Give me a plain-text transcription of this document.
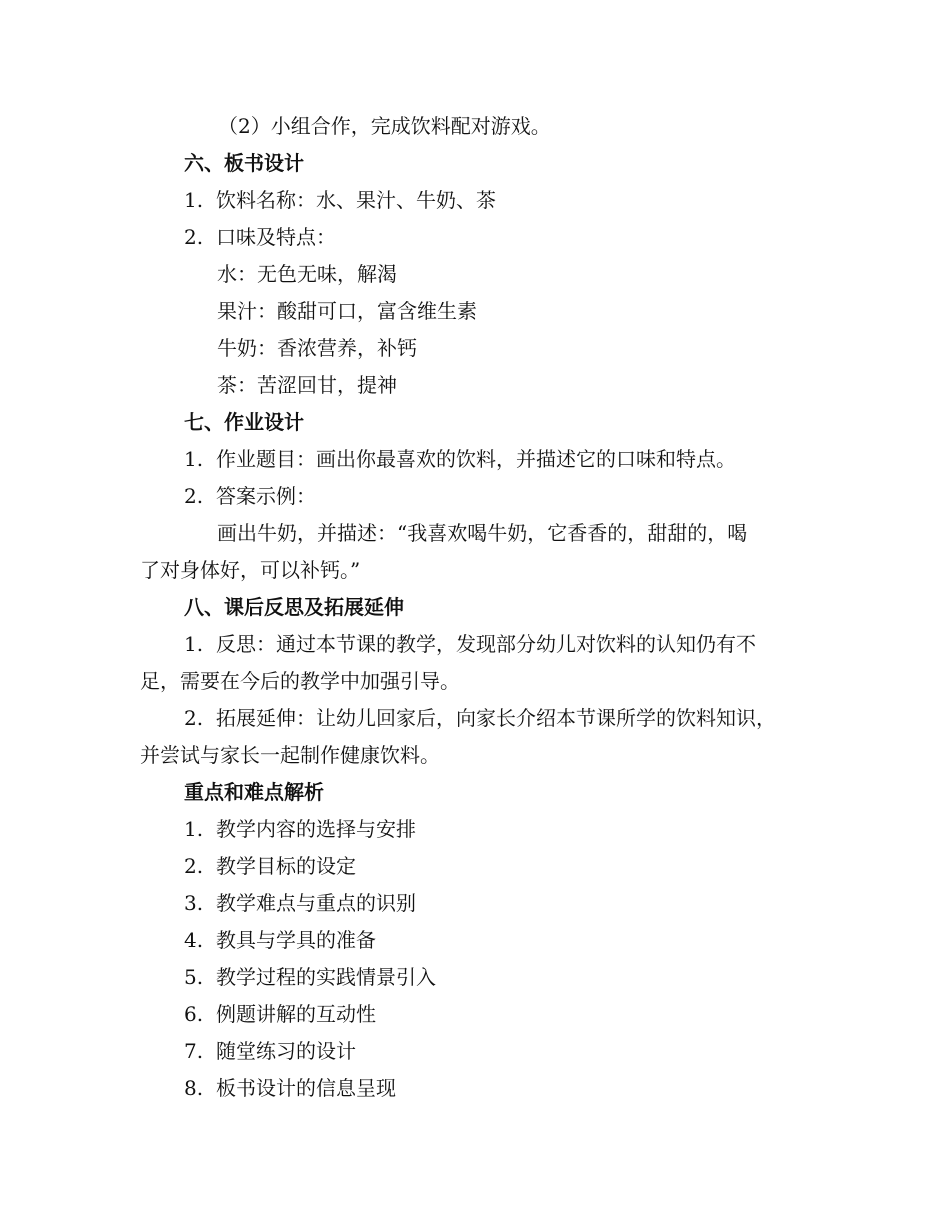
（2）小组合作，完成饮料配对游戏。
六、板书设计
1. 饮料名称：水、果汁、牛奶、茶
2. 口味及特点：
水：无色无味，解渴
果汁：酸甜可口，富含维生素
牛奶：香浓营养，补钙
茶：苦涩回甘，提神
七、作业设计
1. 作业题目：画出你最喜欢的饮料，并描述它的口味和特点。
2. 答案示例：
画出牛奶，并描述：“我喜欢喝牛奶，它香香的，甜甜的，喝
了对身体好，可以补钙。”
八、课后反思及拓展延伸
1. 反思：通过本节课的教学，发现部分幼儿对饮料的认知仍有不
足，需要在今后的教学中加强引导。
2. 拓展延伸：让幼儿回家后，向家长介绍本节课所学的饮料知识，
并尝试与家长一起制作健康饮料。
重点和难点解析
1. 教学内容的选择与安排
2. 教学目标的设定
3. 教学难点与重点的识别
4. 教具与学具的准备
5. 教学过程的实践情景引入
6. 例题讲解的互动性
7. 随堂练习的设计
8. 板书设计的信息呈现
